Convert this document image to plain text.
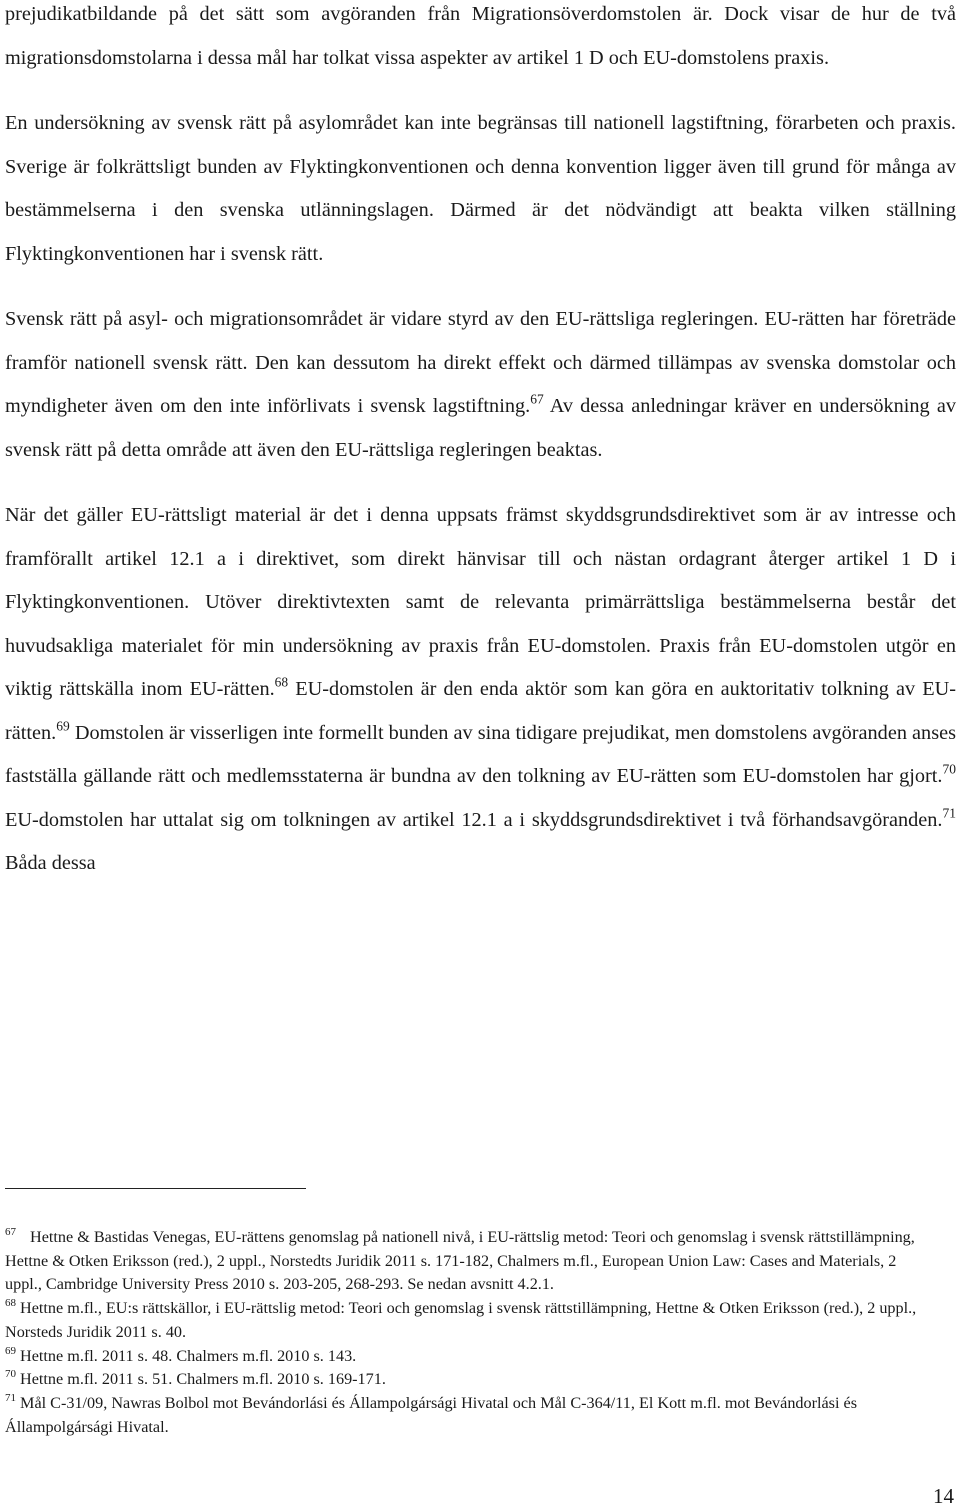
prejudikatbildande på det sätt som avgöranden från Migrationsöverdomstolen är. Dock visar de hur de två migrationsdomstolarna i dessa mål har tolkat vissa aspekter av artikel 1 D och EU-domstolens praxis.

En undersökning av svensk rätt på asylområdet kan inte begränsas till nationell lagstiftning, förarbeten och praxis. Sverige är folkrättsligt bunden av Flyktingkonventionen och denna konvention ligger även till grund för många av bestämmelserna i den svenska utlänningslagen. Därmed är det nödvändigt att beakta vilken ställning Flyktingkonventionen har i svensk rätt.

Svensk rätt på asyl- och migrationsområdet är vidare styrd av den EU-rättsliga regleringen. EU-rätten har företräde framför nationell svensk rätt. Den kan dessutom ha direkt effekt och därmed tillämpas av svenska domstolar och myndigheter även om den inte införlivats i svensk lagstiftning.$^{67}$ Av dessa anledningar kräver en undersökning av svensk rätt på detta område att även den EU-rättsliga regleringen beaktas.

När det gäller EU-rättsligt material är det i denna uppsats främst skyddsgrundsdirektivet som är av intresse och framförallt artikel 12.1 a i direktivet, som direkt hänvisar till och nästan ordagrant återger artikel 1 D i Flyktingkonventionen. Utöver direktivtexten samt de relevanta primärrättsliga bestämmelserna består det huvudsakliga materialet för min undersökning av praxis från EU-domstolen. Praxis från EU-domstolen utgör en viktig rättskälla inom EU-rätten.$^{68}$ EU-domstolen är den enda aktör som kan göra en auktoritativ tolkning av EU-rätten.$^{69}$ Domstolen är visserligen inte formellt bunden av sina tidigare prejudikat, men domstolens avgöranden anses fastställa gällande rätt och medlemsstaterna är bundna av den tolkning av EU-rätten som EU-domstolen har gjort.$^{70}$ EU-domstolen har uttalat sig om tolkningen av artikel 12.1 a i skyddsgrundsdirektivet i två förhandsavgöranden.$^{71}$ Båda dessa

$^{67}$ Hettne & Bastidas Venegas, EU-rättens genomslag på nationell nivå, i EU-rättslig metod: Teori och genomslag i svensk rättstillämpning, Hettne & Otken Eriksson (red.), 2 uppl., Norstedts Juridik 2011 s. 171-182, Chalmers m.fl., European Union Law: Cases and Materials, 2 uppl., Cambridge University Press 2010 s. 203-205, 268-293. Se nedan avsnitt 4.2.1.

$^{68}$ Hettne m.fl., EU:s rättskällor, i EU-rättslig metod: Teori och genomslag i svensk rättstillämpning, Hettne & Otken Eriksson (red.), 2 uppl., Norsteds Juridik 2011 s. 40.

$^{69}$ Hettne m.fl. 2011 s. 48. Chalmers m.fl. 2010 s. 143.

$^{70}$ Hettne m.fl. 2011 s. 51. Chalmers m.fl. 2010 s. 169-171.

$^{71}$ Mål C-31/09, Nawras Bolbol mot Bevándorlási és Állampolgársági Hivatal och Mål C-364/11, El Kott m.fl. mot Bevándorlási és Állampolgársági Hivatal.

14
